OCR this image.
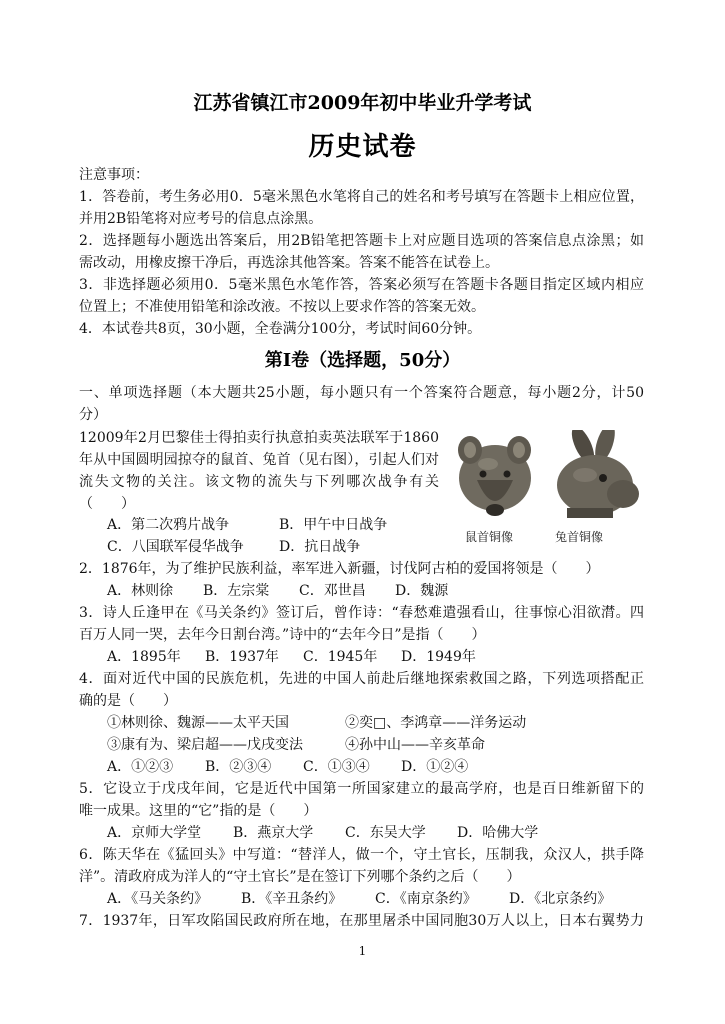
江苏省镇江市2009年初中毕业升学考试
历史试卷
注意事项：
1．答卷前，考生务必用0．5毫米黑色水笔将自己的姓名和考号填写在答题卡上相应位置，
并用2B铅笔将对应考号的信息点涂黑。
2．选择题每小题选出答案后，用2B铅笔把答题卡上对应题目选项的答案信息点涂黑；如
需改动，用橡皮擦干净后，再选涂其他答案。答案不能答在试卷上。
3．非选择题必须用0．5毫米黑色水笔作答，答案必须写在答题卡各题目指定区域内相应
位置上；不准使用铅笔和涂改液。不按以上要求作答的答案无效。
4．本试卷共8页，30小题，全卷满分100分，考试时间60分钟。
第Ⅰ卷（选择题，50分）
一、单项选择题（本大题共25小题，每小题只有一个答案符合题意，每小题2分，计50
分）
12009年2月巴黎佳士得拍卖行执意拍卖英法联军于1860
年从中国圆明园掠夺的鼠首、兔首（见右图），引起人们对
流失文物的关注。该文物的流失与下列哪次战争有关
（　　）
A．第二次鸦片战争	B．甲午中日战争
C．八国联军侵华战争	D．抗日战争
鼠首铜像	兔首铜像
2．1876年，为了维护民族利益，率军进入新疆，讨伐阿古柏的爱国将领是（　　）
A．林则徐 B．左宗棠 C．邓世昌 D．魏源
3．诗人丘逢甲在《马关条约》签订后，曾作诗：“春愁难遣强看山，往事惊心泪欲潸。四
百万人同一哭，去年今日割台湾。”诗中的“去年今日”是指（　　）
A．1895年 B．1937年 C．1945年 D．1949年
4．面对近代中国的民族危机，先进的中国人前赴后继地探索救国之路，下列选项搭配正
确的是（　　）
①林则徐、魏源——太平天国	②奕□、李鸿章——洋务运动
③康有为、梁启超——戊戌变法	④孙中山——辛亥革命
A．①②③ B．②③④ C．①③④ D．①②④
5．它设立于戊戌年间，它是近代中国第一所国家建立的最高学府，也是百日维新留下的
唯一成果。这里的“它”指的是（　　）
A．京师大学堂 B．燕京大学 C．东吴大学 D．哈佛大学
6．陈天华在《猛回头》中写道：“替洋人，做一个，守土官长，压制我，众汉人，拱手降
洋”。清政府成为洋人的“守土官长”是在签订下列哪个条约之后（　　）
A．《马关条约》 B．《辛丑条约》 C．《南京条约》 D．《北京条约》
7．1937年，日军攻陷国民政府所在地，在那里屠杀中国同胞30万人以上，日本右翼势力
1
